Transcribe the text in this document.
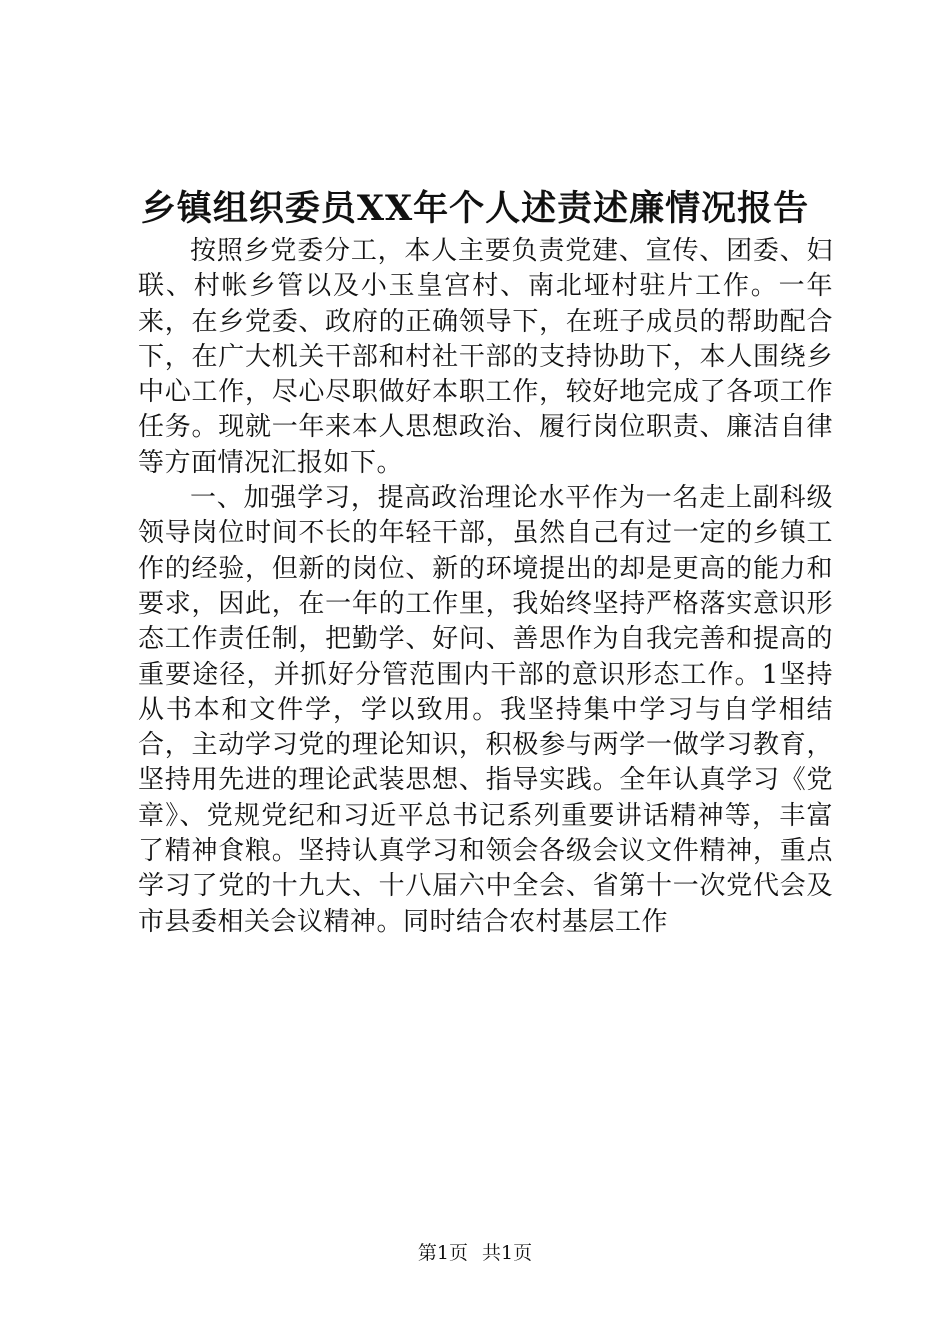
乡镇组织委员XX年个人述责述廉情况报告

按照乡党委分工，本人主要负责党建、宣传、团委、妇联、村帐乡管以及小玉皇宫村、南北垭村驻片工作。一年来，在乡党委、政府的正确领导下，在班子成员的帮助配合下，在广大机关干部和村社干部的支持协助下，本人围绕乡中心工作，尽心尽职做好本职工作，较好地完成了各项工作任务。现就一年来本人思想政治、履行岗位职责、廉洁自律等方面情况汇报如下。

一、加强学习，提高政治理论水平作为一名走上副科级领导岗位时间不长的年轻干部，虽然自己有过一定的乡镇工作的经验，但新的岗位、新的环境提出的却是更高的能力和要求，因此，在一年的工作里，我始终坚持严格落实意识形态工作责任制，把勤学、好问、善思作为自我完善和提高的重要途径，并抓好分管范围内干部的意识形态工作。1坚持从书本和文件学，学以致用。我坚持集中学习与自学相结合，主动学习党的理论知识，积极参与两学一做学习教育，坚持用先进的理论武装思想、指导实践。全年认真学习《党章》、党规党纪和习近平总书记系列重要讲话精神等，丰富了精神食粮。坚持认真学习和领会各级会议文件精神，重点学习了党的十九大、十八届六中全会、省第十一次党代会及市县委相关会议精神。同时结合农村基层工作

第1页 共1页
